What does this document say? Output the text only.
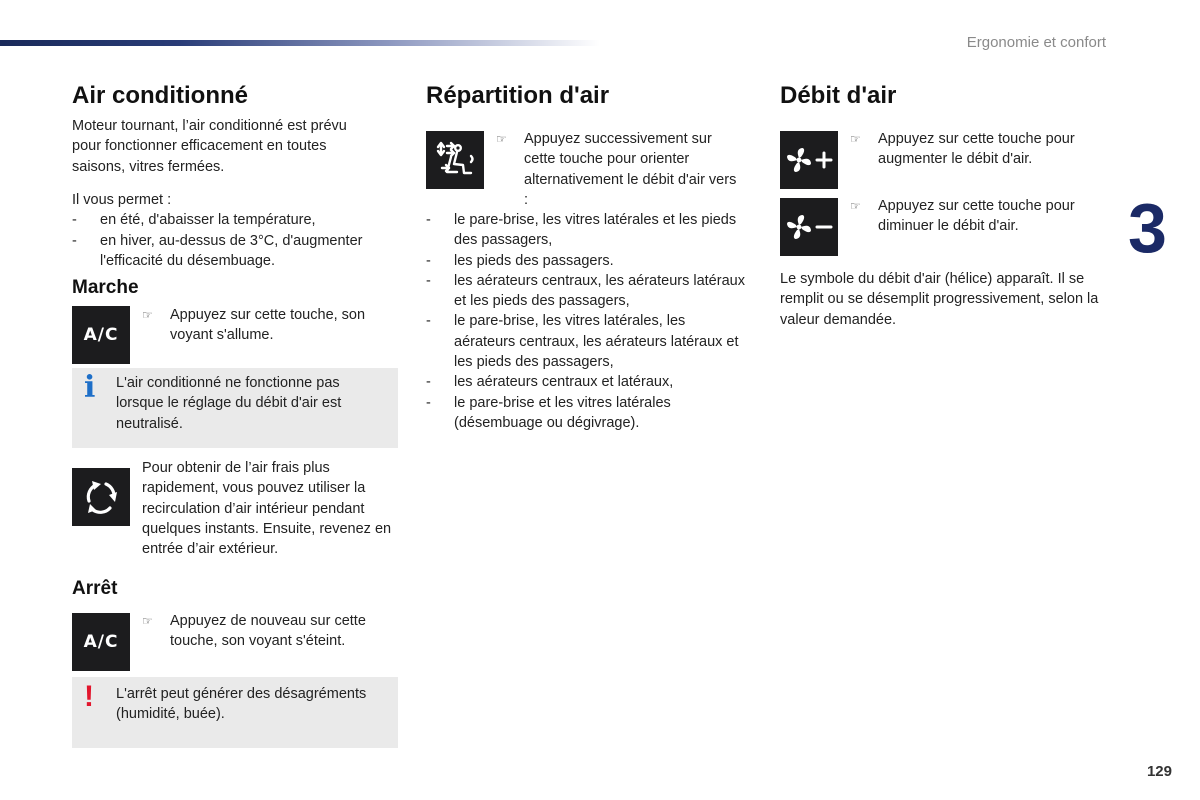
Ergonomie et confort
3
129
Air conditionné
Moteur tournant, l’air conditionné est prévu pour fonctionner efficacement en toutes saisons, vitres fermées.

Il vous permet :

- en été, d'abaisser la température,
- en hiver, au-dessus de 3°C, d'augmenter l'efficacité du désembuage.
Marche
A/C
☞ Appuyez sur cette touche, son voyant s'allume.
i L'air conditionné ne fonctionne pas lorsque le réglage du débit d'air est neutralisé.
Pour obtenir de l’air frais plus rapidement, vous pouvez utiliser la recirculation d’air intérieur pendant quelques instants. Ensuite, revenez en entrée d’air extérieur.
Arrêt
A/C
☞ Appuyez de nouveau sur cette touche, son voyant s'éteint.
! L'arrêt peut générer des désagréments (humidité, buée).
Répartition d'air
☞ Appuyez successivement sur cette touche pour orienter alternativement le débit d'air vers :
- le pare-brise, les vitres latérales et les pieds des passagers,
- les pieds des passagers.
- les aérateurs centraux, les aérateurs latéraux et les pieds des passagers,
- le pare-brise, les vitres latérales, les aérateurs centraux, les aérateurs latéraux et les pieds des passagers,
- les aérateurs centraux et latéraux,
- le pare-brise et les vitres latérales (désembuage ou dégivrage).
Débit d'air
☞ Appuyez sur cette touche pour augmenter le débit d'air.
☞ Appuyez sur cette touche pour diminuer le débit d'air.
Le symbole du débit d'air (hélice) apparaît. Il se remplit ou se désemplit progressivement, selon la valeur demandée.
